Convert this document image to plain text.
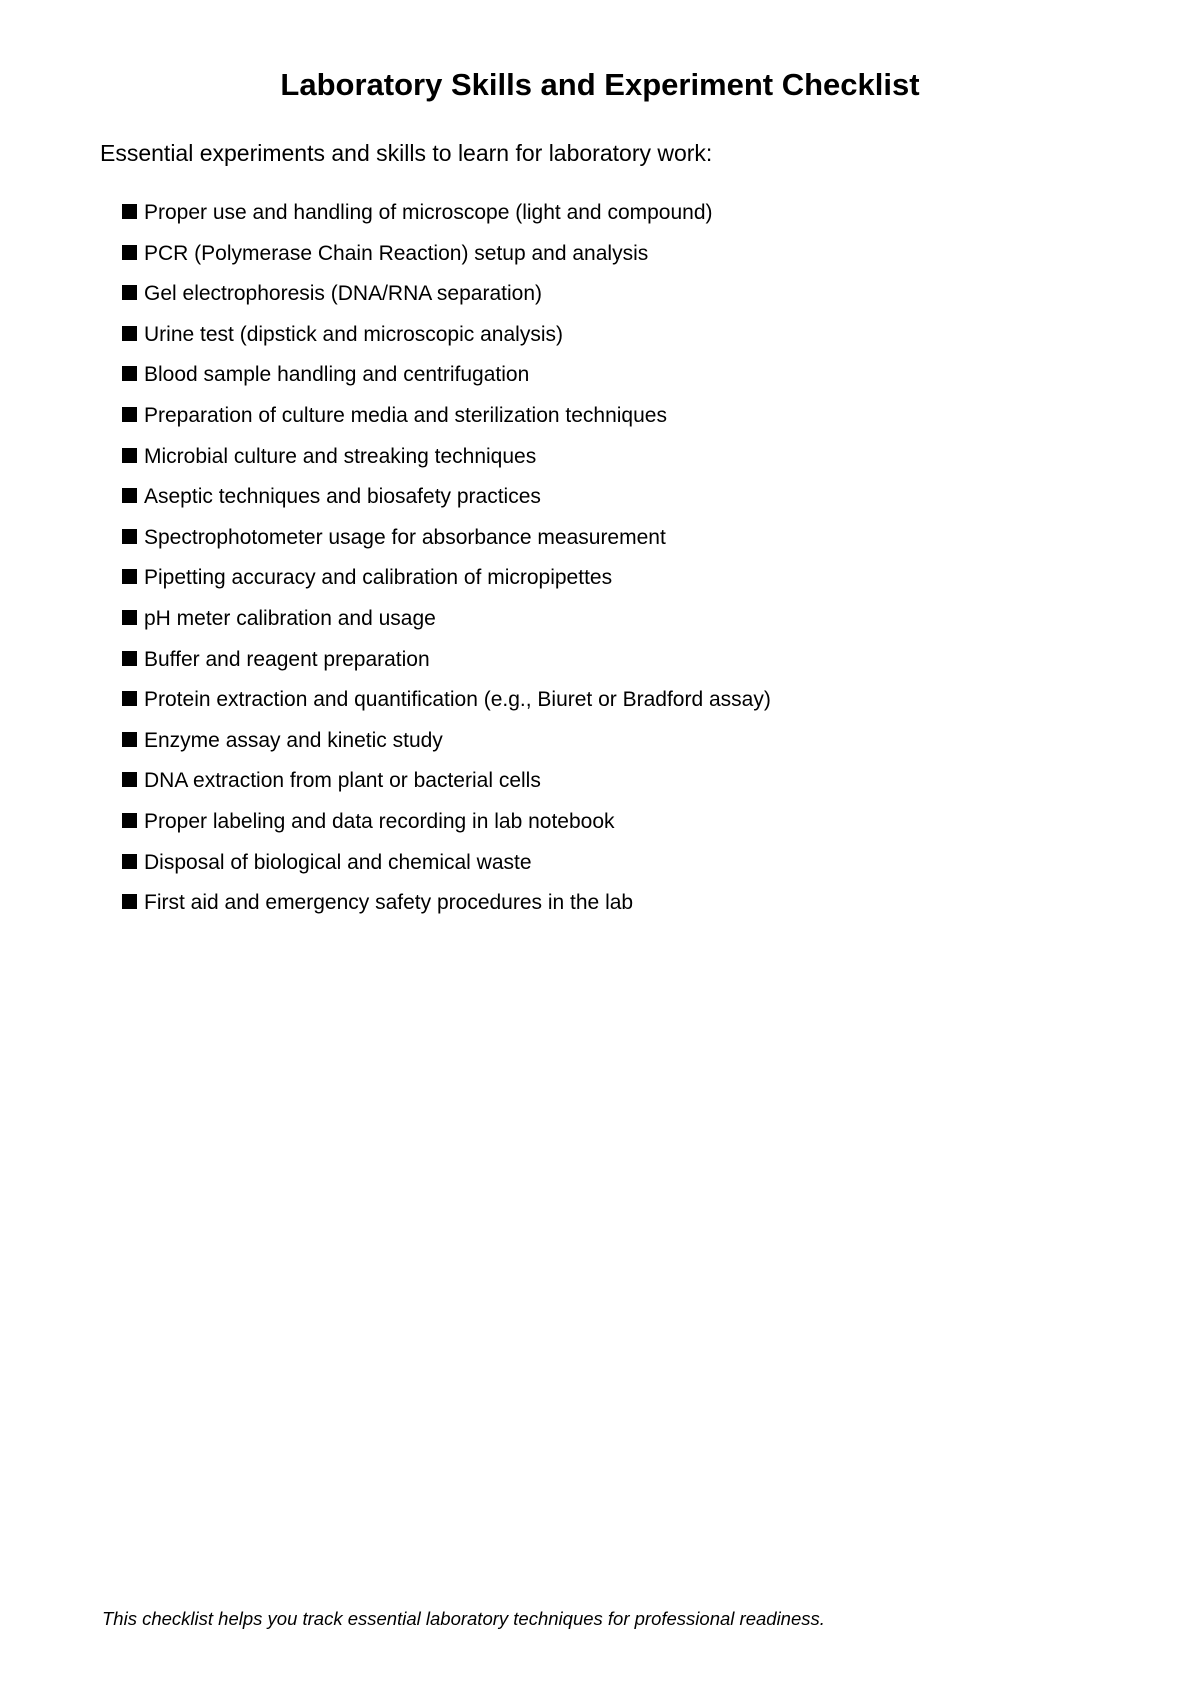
Laboratory Skills and Experiment Checklist
Essential experiments and skills to learn for laboratory work:
Proper use and handling of microscope (light and compound)
PCR (Polymerase Chain Reaction) setup and analysis
Gel electrophoresis (DNA/RNA separation)
Urine test (dipstick and microscopic analysis)
Blood sample handling and centrifugation
Preparation of culture media and sterilization techniques
Microbial culture and streaking techniques
Aseptic techniques and biosafety practices
Spectrophotometer usage for absorbance measurement
Pipetting accuracy and calibration of micropipettes
pH meter calibration and usage
Buffer and reagent preparation
Protein extraction and quantification (e.g., Biuret or Bradford assay)
Enzyme assay and kinetic study
DNA extraction from plant or bacterial cells
Proper labeling and data recording in lab notebook
Disposal of biological and chemical waste
First aid and emergency safety procedures in the lab
This checklist helps you track essential laboratory techniques for professional readiness.
